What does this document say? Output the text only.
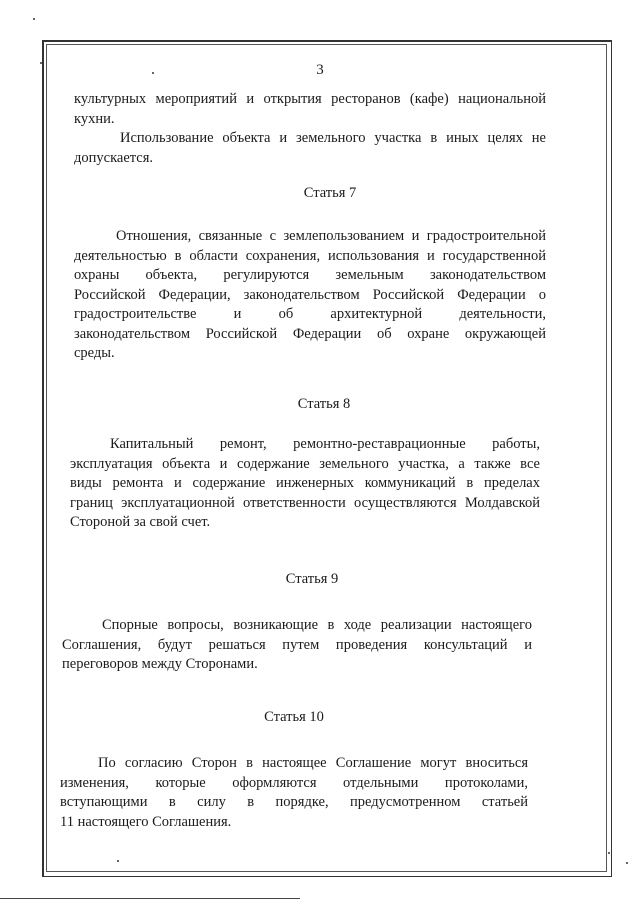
3
культурных мероприятий и открытия ресторанов (кафе) национальной
кухни.
Использование объекта и земельного участка в иных целях не
допускается.
Статья 7
Отношения, связанные с землепользованием и градостроительной
деятельностью в области сохранения, использования и государственной
охраны объекта, регулируются земельным законодательством
Российской Федерации, законодательством Российской Федерации о
градостроительстве и об архитектурной деятельности,
законодательством Российской Федерации об охране окружающей
среды.
Статья 8
Капитальный ремонт, ремонтно-реставрационные работы,
эксплуатация объекта и содержание земельного участка, а также все
виды ремонта и содержание инженерных коммуникаций в пределах
границ эксплуатационной ответственности осуществляются Молдавской
Стороной за свой счет.
Статья 9
Спорные вопросы, возникающие в ходе реализации настоящего
Соглашения, будут решаться путем проведения консультаций и
переговоров между Сторонами.
Статья 10
По согласию Сторон в настоящее Соглашение могут вноситься
изменения, которые оформляются отдельными протоколами,
вступающими в силу в порядке, предусмотренном статьей
11 настоящего Соглашения.
